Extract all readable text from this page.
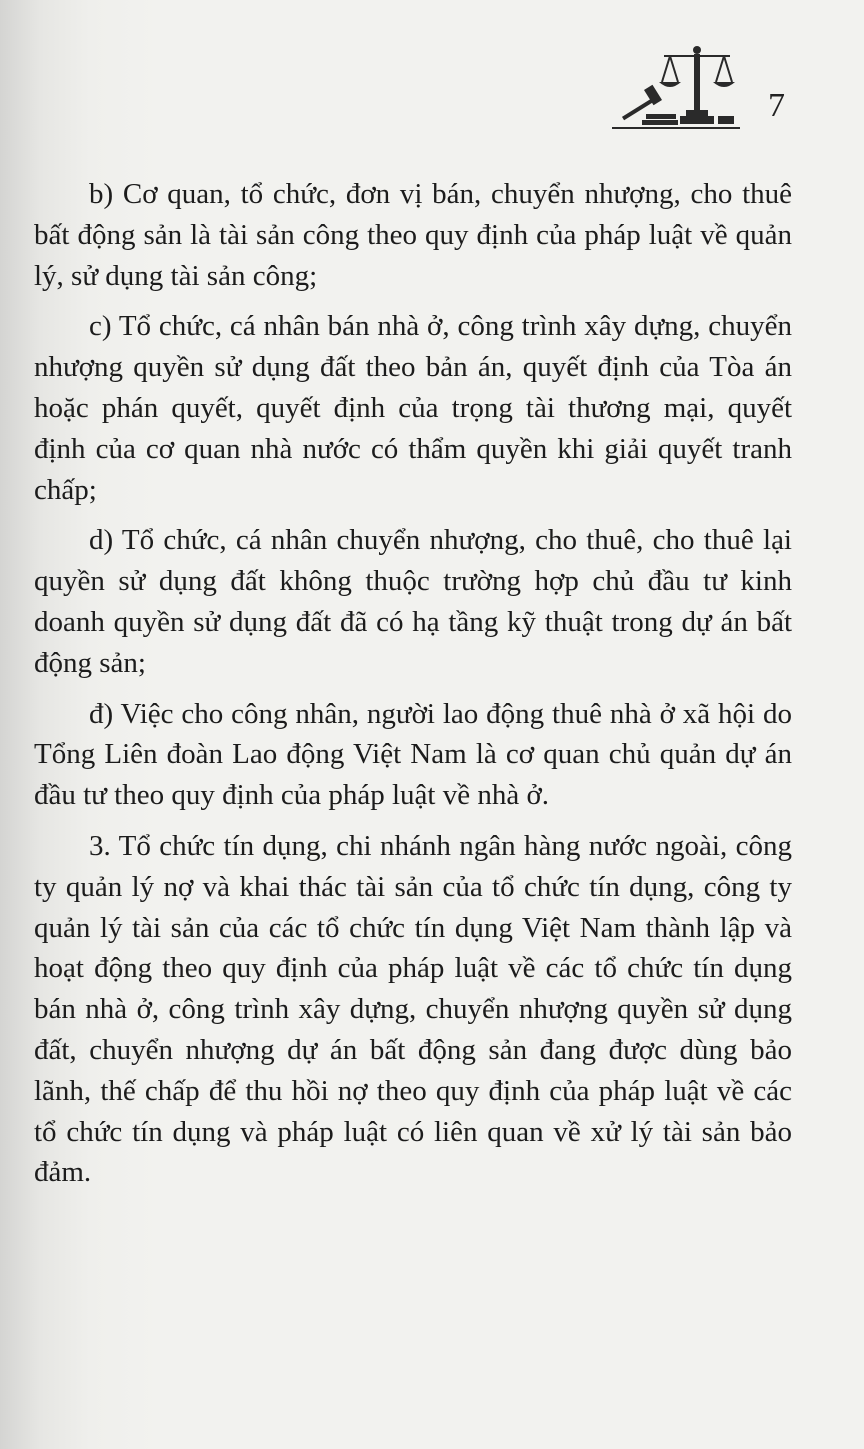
7

b) Cơ quan, tổ chức, đơn vị bán, chuyển nhượng, cho thuê bất động sản là tài sản công theo quy định của pháp luật về quản lý, sử dụng tài sản công;

c) Tổ chức, cá nhân bán nhà ở, công trình xây dựng, chuyển nhượng quyền sử dụng đất theo bản án, quyết định của Tòa án hoặc phán quyết, quyết định của trọng tài thương mại, quyết định của cơ quan nhà nước có thẩm quyền khi giải quyết tranh chấp;

d) Tổ chức, cá nhân chuyển nhượng, cho thuê, cho thuê lại quyền sử dụng đất không thuộc trường hợp chủ đầu tư kinh doanh quyền sử dụng đất đã có hạ tầng kỹ thuật trong dự án bất động sản;

đ) Việc cho công nhân, người lao động thuê nhà ở xã hội do Tổng Liên đoàn Lao động Việt Nam là cơ quan chủ quản dự án đầu tư theo quy định của pháp luật về nhà ở.

3. Tổ chức tín dụng, chi nhánh ngân hàng nước ngoài, công ty quản lý nợ và khai thác tài sản của tổ chức tín dụng, công ty quản lý tài sản của các tổ chức tín dụng Việt Nam thành lập và hoạt động theo quy định của pháp luật về các tổ chức tín dụng bán nhà ở, công trình xây dựng, chuyển nhượng quyền sử dụng đất, chuyển nhượng dự án bất động sản đang được dùng bảo lãnh, thế chấp để thu hồi nợ theo quy định của pháp luật về các tổ chức tín dụng và pháp luật có liên quan về xử lý tài sản bảo đảm.
